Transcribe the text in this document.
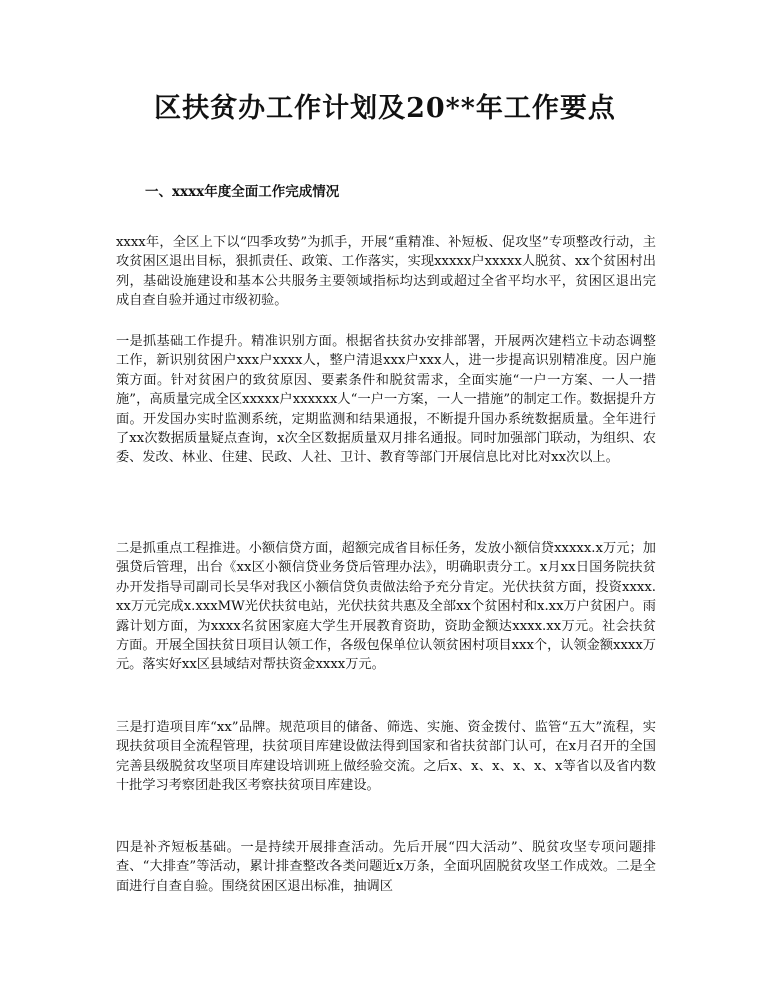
区扶贫办工作计划及20**年工作要点
一、xxxx年度全面工作完成情况

xxxx年，全区上下以“四季攻势”为抓手，开展“重精准、补短板、促攻坚”专项整改行动，主攻贫困区退出目标，狠抓责任、政策、工作落实，实现xxxxx户xxxxx人脱贫、xx个贫困村出列，基础设施建设和基本公共服务主要领域指标均达到或超过全省平均水平，贫困区退出完成自查自验并通过市级初验。

一是抓基础工作提升。精准识别方面。根据省扶贫办安排部署，开展两次建档立卡动态调整工作，新识别贫困户xxx户xxxx人，整户清退xxx户xxx人，进一步提高识别精准度。因户施策方面。针对贫困户的致贫原因、要素条件和脱贫需求，全面实施“一户一方案、一人一措施”，高质量完成全区xxxxx户xxxxxx人“一户一方案，一人一措施”的制定工作。数据提升方面。开发国办实时监测系统，定期监测和结果通报，不断提升国办系统数据质量。全年进行了xx次数据质量疑点查询，x次全区数据质量双月排名通报。同时加强部门联动，为组织、农委、发改、林业、住建、民政、人社、卫计、教育等部门开展信息比对比对xx次以上。

二是抓重点工程推进。小额信贷方面，超额完成省目标任务，发放小额信贷xxxxx.x万元；加强贷后管理，出台《xx区小额信贷业务贷后管理办法》，明确职责分工。x月xx日国务院扶贫办开发指导司副司长吴华对我区小额信贷负责做法给予充分肯定。光伏扶贫方面，投资xxxx.xx万元完成x.xxxMW光伏扶贫电站，光伏扶贫共惠及全部xx个贫困村和x.xx万户贫困户。雨露计划方面，为xxxx名贫困家庭大学生开展教育资助，资助金额达xxxx.xx万元。社会扶贫方面。开展全国扶贫日项目认领工作，各级包保单位认领贫困村项目xxx个，认领金额xxxx万元。落实好xx区县域结对帮扶资金xxxx万元。

三是打造项目库“xx”品牌。规范项目的储备、筛选、实施、资金拨付、监管“五大”流程，实现扶贫项目全流程管理，扶贫项目库建设做法得到国家和省扶贫部门认可，在x月召开的全国完善县级脱贫攻坚项目库建设培训班上做经验交流。之后x、x、x、x、x、x等省以及省内数十批学习考察团赴我区考察扶贫项目库建设。

四是补齐短板基础。一是持续开展排查活动。先后开展“四大活动”、脱贫攻坚专项问题排查、“大排查”等活动，累计排查整改各类问题近x万条，全面巩固脱贫攻坚工作成效。二是全面进行自查自验。围绕贫困区退出标准，抽调区
